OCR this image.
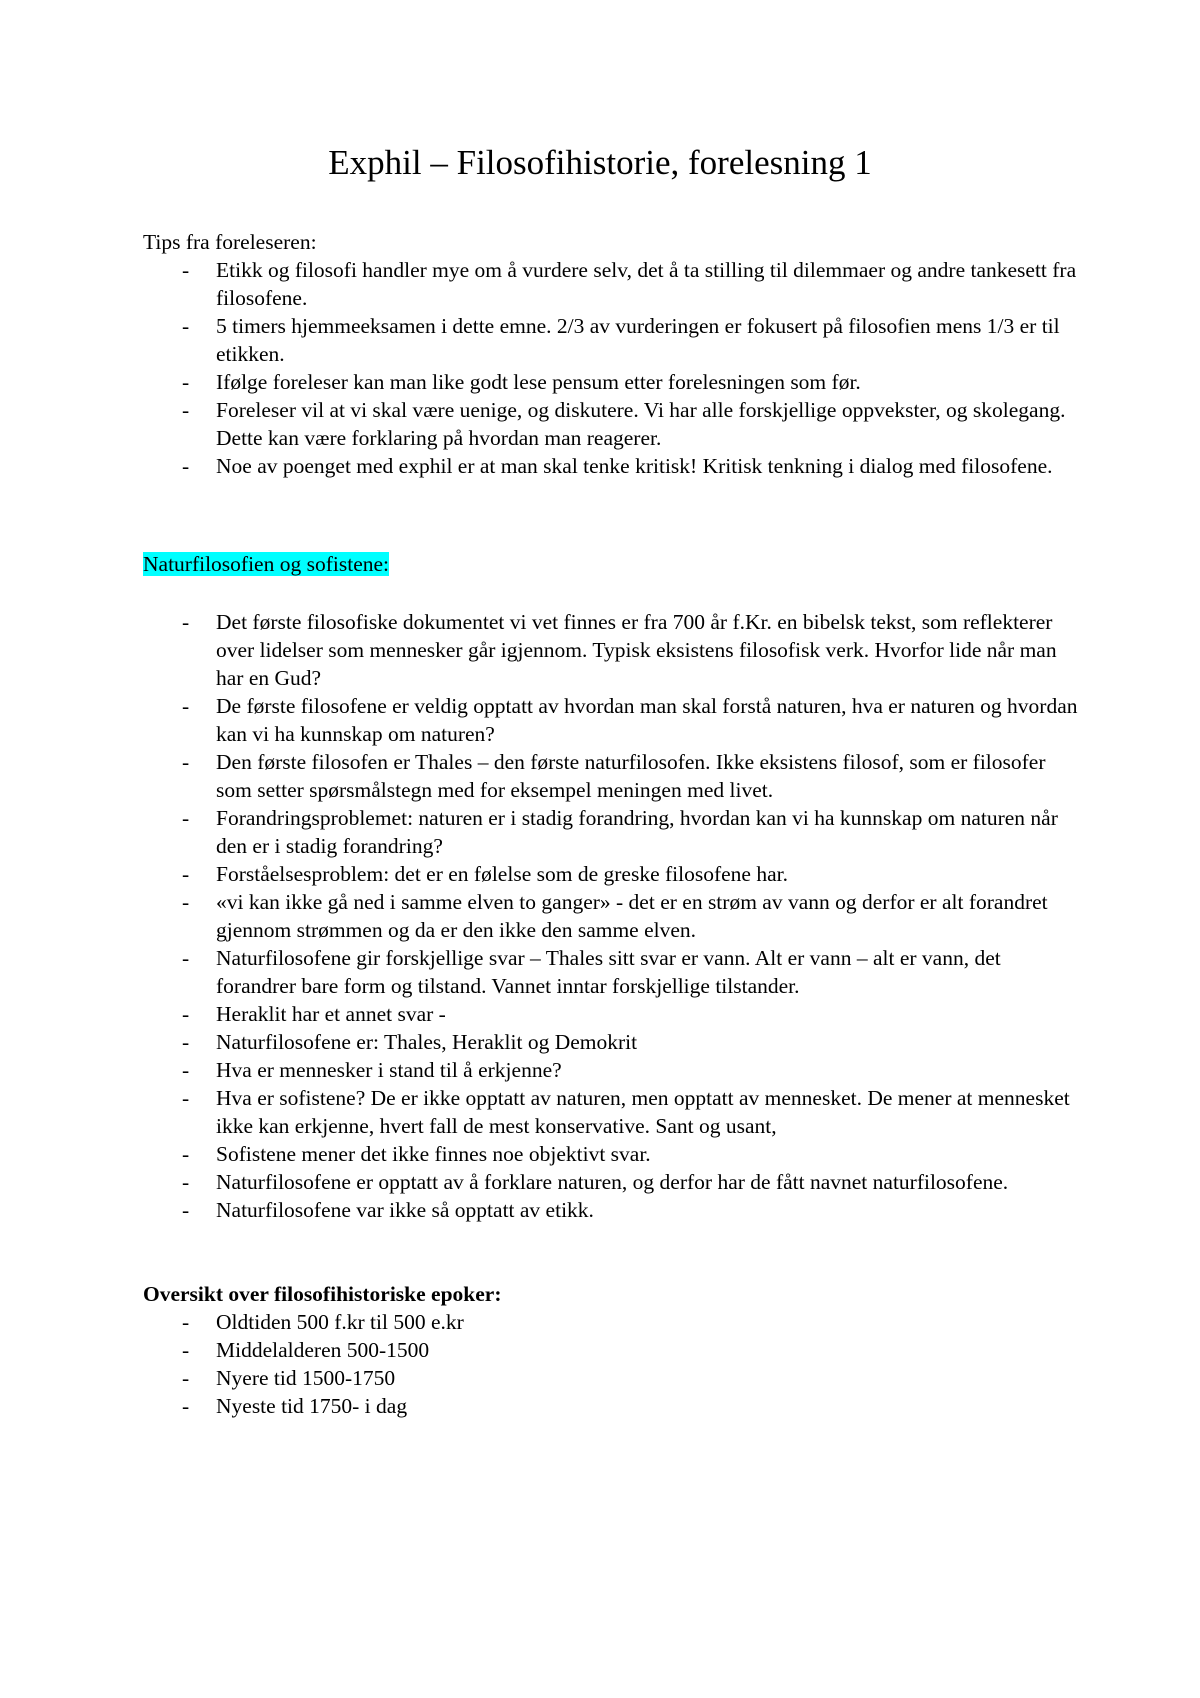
Exphil – Filosofihistorie, forelesning 1

Tips fra foreleseren:

- Etikk og filosofi handler mye om å vurdere selv, det å ta stilling til dilemmaer og andre tankesett fra filosofene.
- 5 timers hjemmeeksamen i dette emne. 2/3 av vurderingen er fokusert på filosofien mens 1/3 er til etikken.
- Ifølge foreleser kan man like godt lese pensum etter forelesningen som før.
- Foreleser vil at vi skal være uenige, og diskutere. Vi har alle forskjellige oppvekster, og skolegang. Dette kan være forklaring på hvordan man reagerer.
- Noe av poenget med exphil er at man skal tenke kritisk! Kritisk tenkning i dialog med filosofene.

Naturfilosofien og sofistene:

- Det første filosofiske dokumentet vi vet finnes er fra 700 år f.Kr. en bibelsk tekst, som reflekterer over lidelser som mennesker går igjennom. Typisk eksistens filosofisk verk. Hvorfor lide når man har en Gud?
- De første filosofene er veldig opptatt av hvordan man skal forstå naturen, hva er naturen og hvordan kan vi ha kunnskap om naturen?
- Den første filosofen er Thales – den første naturfilosofen. Ikke eksistens filosof, som er filosofer som setter spørsmålstegn med for eksempel meningen med livet.
- Forandringsproblemet: naturen er i stadig forandring, hvordan kan vi ha kunnskap om naturen når den er i stadig forandring?
- Forståelsesproblem: det er en følelse som de greske filosofene har.
- «vi kan ikke gå ned i samme elven to ganger» - det er en strøm av vann og derfor er alt forandret gjennom strømmen og da er den ikke den samme elven.
- Naturfilosofene gir forskjellige svar – Thales sitt svar er vann. Alt er vann – alt er vann, det forandrer bare form og tilstand. Vannet inntar forskjellige tilstander.
- Heraklit har et annet svar -
- Naturfilosofene er: Thales, Heraklit og Demokrit
- Hva er mennesker i stand til å erkjenne?
- Hva er sofistene? De er ikke opptatt av naturen, men opptatt av mennesket. De mener at mennesket ikke kan erkjenne, hvert fall de mest konservative. Sant og usant,
- Sofistene mener det ikke finnes noe objektivt svar.
- Naturfilosofene er opptatt av å forklare naturen, og derfor har de fått navnet naturfilosofene.
- Naturfilosofene var ikke så opptatt av etikk.

Oversikt over filosofihistoriske epoker:

- Oldtiden 500 f.kr til 500 e.kr
- Middelalderen 500-1500
- Nyere tid 1500-1750
- Nyeste tid 1750- i dag
